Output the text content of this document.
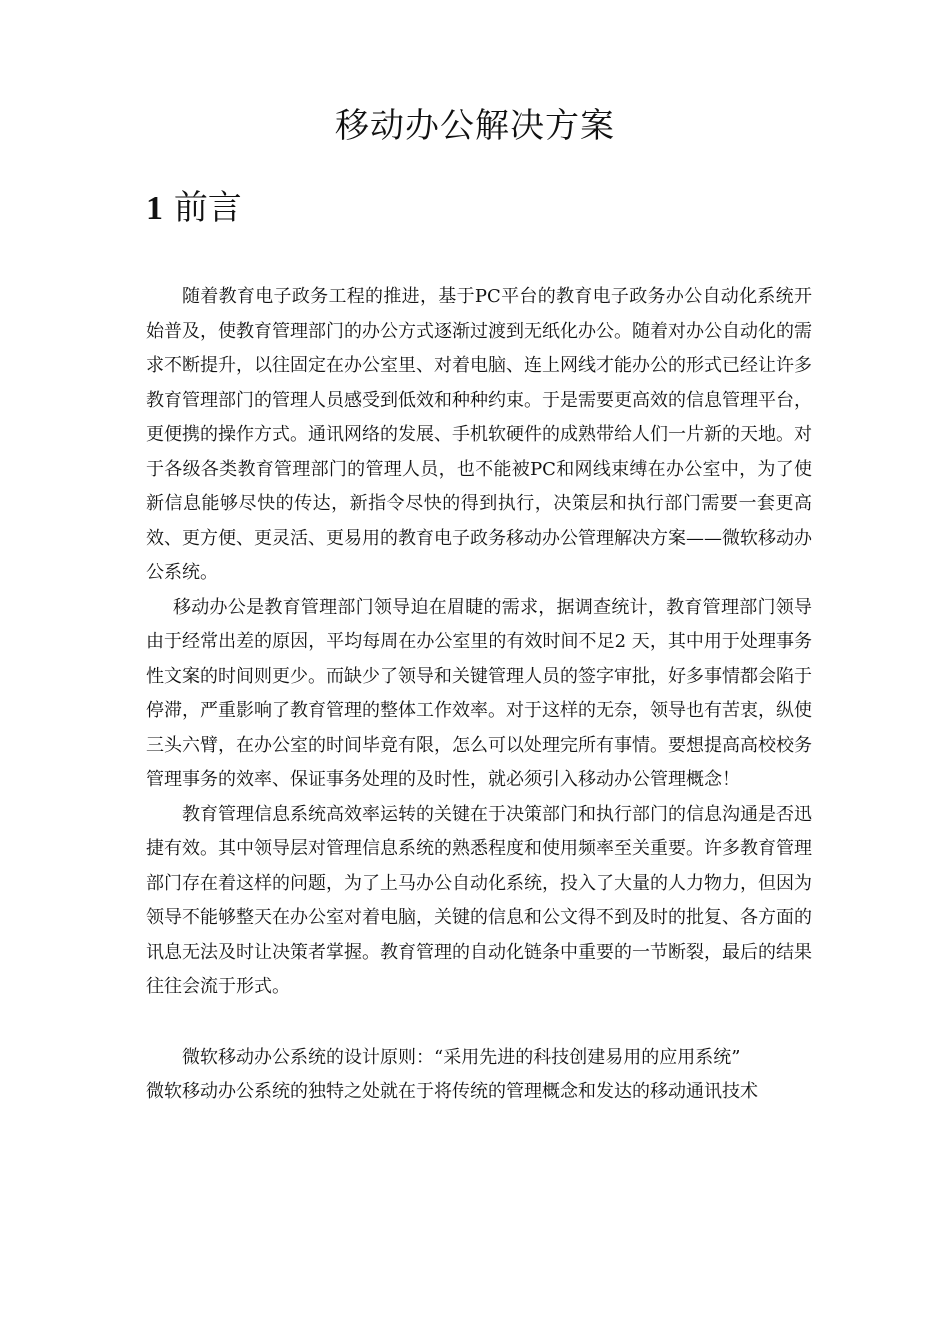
移动办公解决方案
1 前言

随着教育电子政务工程的推进，基于PC平台的教育电子政务办公自动化系统开始普及，使教育管理部门的办公方式逐渐过渡到无纸化办公。随着对办公自动化的需求不断提升，以往固定在办公室里、对着电脑、连上网线才能办公的形式已经让许多教育管理部门的管理人员感受到低效和种种约束。于是需要更高效的信息管理平台，更便携的操作方式。通讯网络的发展、手机软硬件的成熟带给人们一片新的天地。对于各级各类教育管理部门的管理人员，也不能被PC和网线束缚在办公室中，为了使新信息能够尽快的传达，新指令尽快的得到执行，决策层和执行部门需要一套更高效、更方便、更灵活、更易用的教育电子政务移动办公管理解决方案——微软移动办公系统。

移动办公是教育管理部门领导迫在眉睫的需求，据调查统计，教育管理部门领导由于经常出差的原因，平均每周在办公室里的有效时间不足2 天，其中用于处理事务性文案的时间则更少。而缺少了领导和关键管理人员的签字审批，好多事情都会陷于停滞，严重影响了教育管理的整体工作效率。对于这样的无奈，领导也有苦衷，纵使三头六臂，在办公室的时间毕竟有限，怎么可以处理完所有事情。要想提高高校校务管理事务的效率、保证事务处理的及时性，就必须引入移动办公管理概念！

教育管理信息系统高效率运转的关键在于决策部门和执行部门的信息沟通是否迅捷有效。其中领导层对管理信息系统的熟悉程度和使用频率至关重要。许多教育管理部门存在着这样的问题，为了上马办公自动化系统，投入了大量的人力物力，但因为领导不能够整天在办公室对着电脑，关键的信息和公文得不到及时的批复、各方面的讯息无法及时让决策者掌握。教育管理的自动化链条中重要的一节断裂，最后的结果往往会流于形式。

微软移动办公系统的设计原则：“采用先进的科技创建易用的应用系统”

微软移动办公系统的独特之处就在于将传统的管理概念和发达的移动通讯技术
